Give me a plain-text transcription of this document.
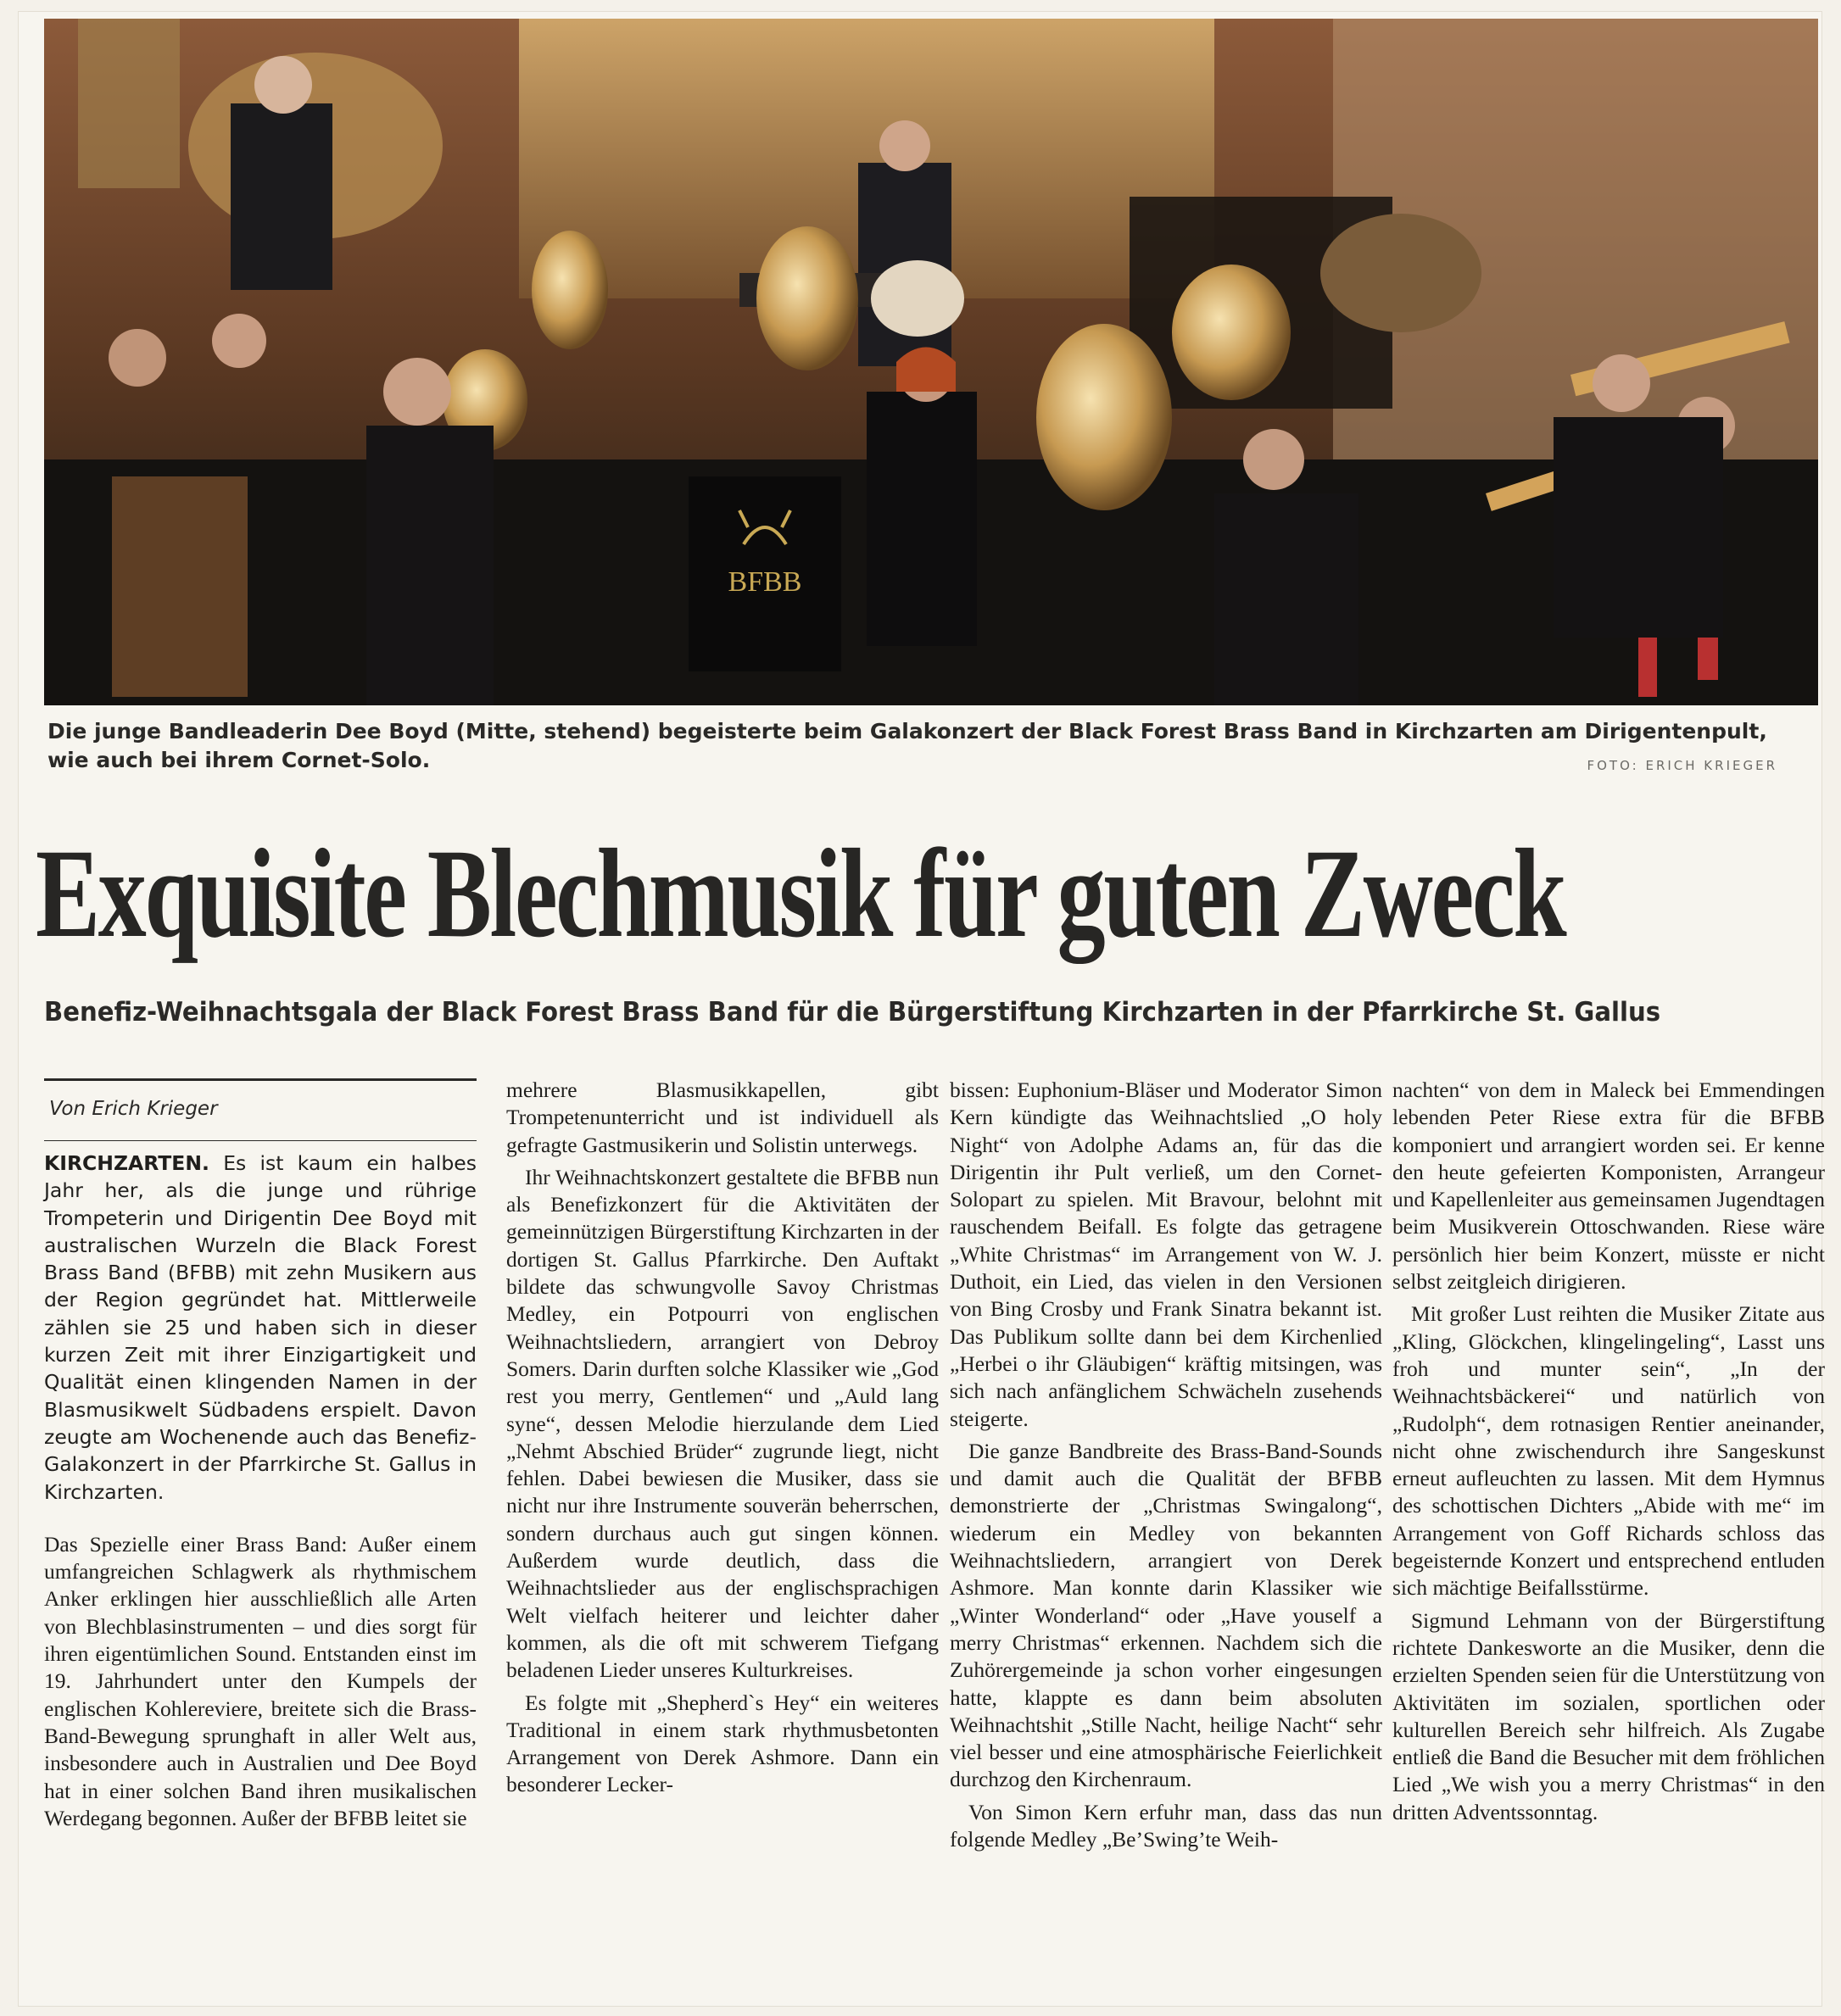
BFBB
Die junge Bandleaderin Dee Boyd (Mitte, stehend) begeisterte beim Galakonzert der Black Forest Brass Band in Kirchzarten am Dirigentenpult, wie auch bei ihrem Cornet-Solo.	FOTO: ERICH KRIEGER
Exquisite Blechmusik für guten Zweck
Benefiz-Weihnachtsgala der Black Forest Brass Band für die Bürgerstiftung Kirchzarten in der Pfarrkirche St. Gallus
Von Erich Krieger

KIRCHZARTEN. Es ist kaum ein halbes Jahr her, als die junge und rührige Trompeterin und Dirigentin Dee Boyd mit australischen Wurzeln die Black Forest Brass Band (BFBB) mit zehn Musikern aus der Region gegründet hat. Mittlerweile zählen sie 25 und haben sich in dieser kurzen Zeit mit ihrer Einzigartigkeit und Qualität einen klingenden Namen in der Blasmusikwelt Südbadens erspielt. Davon zeugte am Wochenende auch das Benefiz-Galakonzert in der Pfarrkirche St. Gallus in Kirchzarten.

Das Spezielle einer Brass Band: Außer einem umfangreichen Schlagwerk als rhythmischem Anker erklingen hier ausschließlich alle Arten von Blechblasinstrumenten – und dies sorgt für ihren eigentümlichen Sound. Entstanden einst im 19. Jahrhundert unter den Kumpels der englischen Kohlereviere, breitete sich die Brass-Band-Bewegung sprunghaft in aller Welt aus, insbesondere auch in Australien und Dee Boyd hat in einer solchen Band ihren musikalischen Werdegang begonnen. Außer der BFBB leitet sie

mehrere Blasmusikkapellen, gibt Trompetenunterricht und ist individuell als gefragte Gastmusikerin und Solistin unterwegs.

Ihr Weihnachtskonzert gestaltete die BFBB nun als Benefizkonzert für die Aktivitäten der gemeinnützigen Bürgerstiftung Kirchzarten in der dortigen St. Gallus Pfarrkirche. Den Auftakt bildete das schwungvolle Savoy Christmas Medley, ein Potpourri von englischen Weihnachtsliedern, arrangiert von Debroy Somers. Darin durften solche Klassiker wie „God rest you merry, Gentlemen“ und „Auld lang syne“, dessen Melodie hierzulande dem Lied „Nehmt Abschied Brüder“ zugrunde liegt, nicht fehlen. Dabei bewiesen die Musiker, dass sie nicht nur ihre Instrumente souverän beherrschen, sondern durchaus auch gut singen können. Außerdem wurde deutlich, dass die Weihnachtslieder aus der englischsprachigen Welt vielfach heiterer und leichter daher kommen, als die oft mit schwerem Tiefgang beladenen Lieder unseres Kulturkreises.

Es folgte mit „Shepherd`s Hey“ ein weiteres Traditional in einem stark rhythmusbetonten Arrangement von Derek Ashmore. Dann ein besonderer Lecker-

bissen: Euphonium-Bläser und Moderator Simon Kern kündigte das Weihnachtslied „O holy Night“ von Adolphe Adams an, für das die Dirigentin ihr Pult verließ, um den Cornet-Solopart zu spielen. Mit Bravour, belohnt mit rauschendem Beifall. Es folgte das getragene „White Christmas“ im Arrangement von W. J. Duthoit, ein Lied, das vielen in den Versionen von Bing Crosby und Frank Sinatra bekannt ist. Das Publikum sollte dann bei dem Kirchenlied „Herbei o ihr Gläubigen“ kräftig mitsingen, was sich nach anfänglichem Schwächeln zusehends steigerte.

Die ganze Bandbreite des Brass-Band-Sounds und damit auch die Qualität der BFBB demonstrierte der „Christmas Swingalong“, wiederum ein Medley von bekannten Weihnachtsliedern, arrangiert von Derek Ashmore. Man konnte darin Klassiker wie „Winter Wonderland“ oder „Have youself a merry Christmas“ erkennen. Nachdem sich die Zuhörergemeinde ja schon vorher eingesungen hatte, klappte es dann beim absoluten Weihnachtshit „Stille Nacht, heilige Nacht“ sehr viel besser und eine atmosphärische Feierlichkeit durchzog den Kirchenraum.

Von Simon Kern erfuhr man, dass das nun folgende Medley „Be’Swing’te Weih-

nachten“ von dem in Maleck bei Emmendingen lebenden Peter Riese extra für die BFBB komponiert und arrangiert worden sei. Er kenne den heute gefeierten Komponisten, Arrangeur und Kapellenleiter aus gemeinsamen Jugendtagen beim Musikverein Ottoschwanden. Riese wäre persönlich hier beim Konzert, müsste er nicht selbst zeitgleich dirigieren.

Mit großer Lust reihten die Musiker Zitate aus „Kling, Glöckchen, klingelingeling“, Lasst uns froh und munter sein“, „In der Weihnachtsbäckerei“ und natürlich von „Rudolph“, dem rotnasigen Rentier aneinander, nicht ohne zwischendurch ihre Sangeskunst erneut aufleuchten zu lassen. Mit dem Hymnus des schottischen Dichters „Abide with me“ im Arrangement von Goff Richards schloss das begeisternde Konzert und entsprechend entluden sich mächtige Beifallsstürme.

Sigmund Lehmann von der Bürgerstiftung richtete Dankesworte an die Musiker, denn die erzielten Spenden seien für die Unterstützung von Aktivitäten im sozialen, sportlichen oder kulturellen Bereich sehr hilfreich. Als Zugabe entließ die Band die Besucher mit dem fröhlichen Lied „We wish you a merry Christmas“ in den dritten Adventssonntag.
